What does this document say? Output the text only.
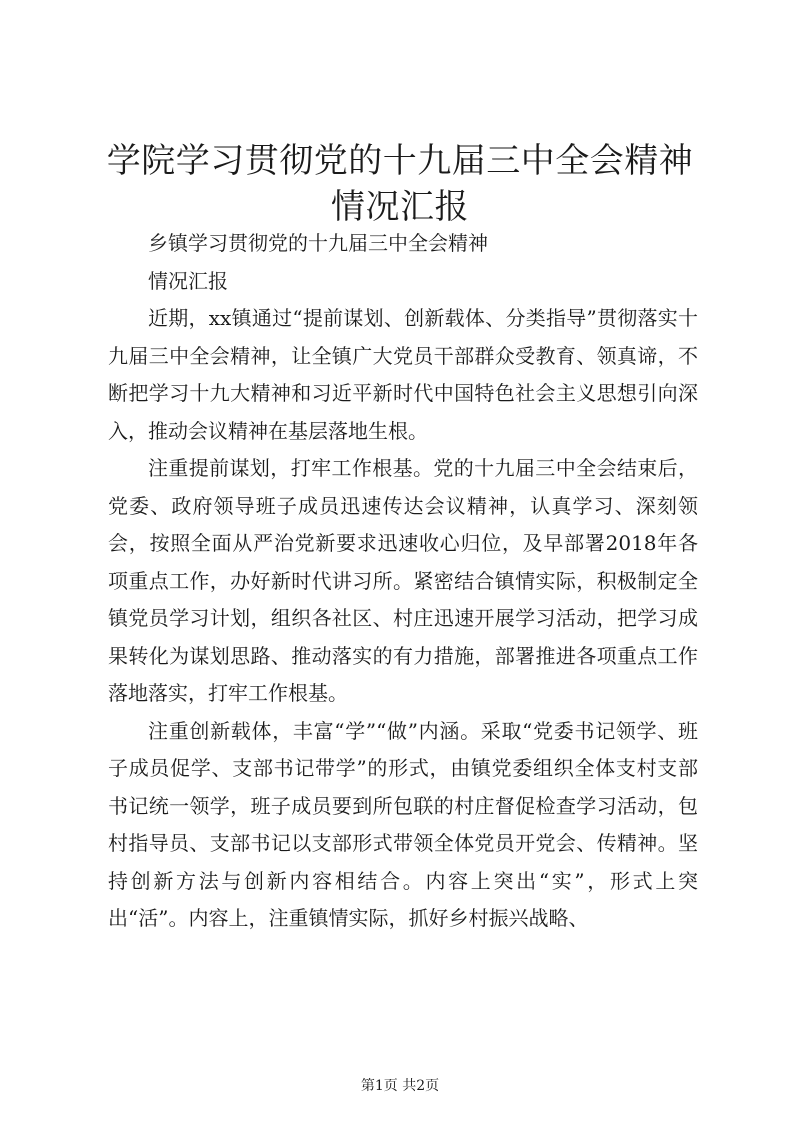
学院学习贯彻党的十九届三中全会精神情况汇报

乡镇学习贯彻党的十九届三中全会精神

情况汇报

近期，xx镇通过“提前谋划、创新载体、分类指导”贯彻落实十九届三中全会精神，让全镇广大党员干部群众受教育、领真谛，不断把学习十九大精神和习近平新时代中国特色社会主义思想引向深入，推动会议精神在基层落地生根。

注重提前谋划，打牢工作根基。党的十九届三中全会结束后，党委、政府领导班子成员迅速传达会议精神，认真学习、深刻领会，按照全面从严治党新要求迅速收心归位，及早部署2018年各项重点工作，办好新时代讲习所。紧密结合镇情实际，积极制定全镇党员学习计划，组织各社区、村庄迅速开展学习活动，把学习成果转化为谋划思路、推动落实的有力措施，部署推进各项重点工作落地落实，打牢工作根基。

注重创新载体，丰富“学”“做”内涵。采取“党委书记领学、班子成员促学、支部书记带学”的形式，由镇党委组织全体支村支部书记统一领学，班子成员要到所包联的村庄督促检查学习活动，包村指导员、支部书记以支部形式带领全体党员开党会、传精神。坚持创新方法与创新内容相结合。内容上突出“实”，形式上突出“活”。内容上，注重镇情实际，抓好乡村振兴战略、

第1页 共2页
